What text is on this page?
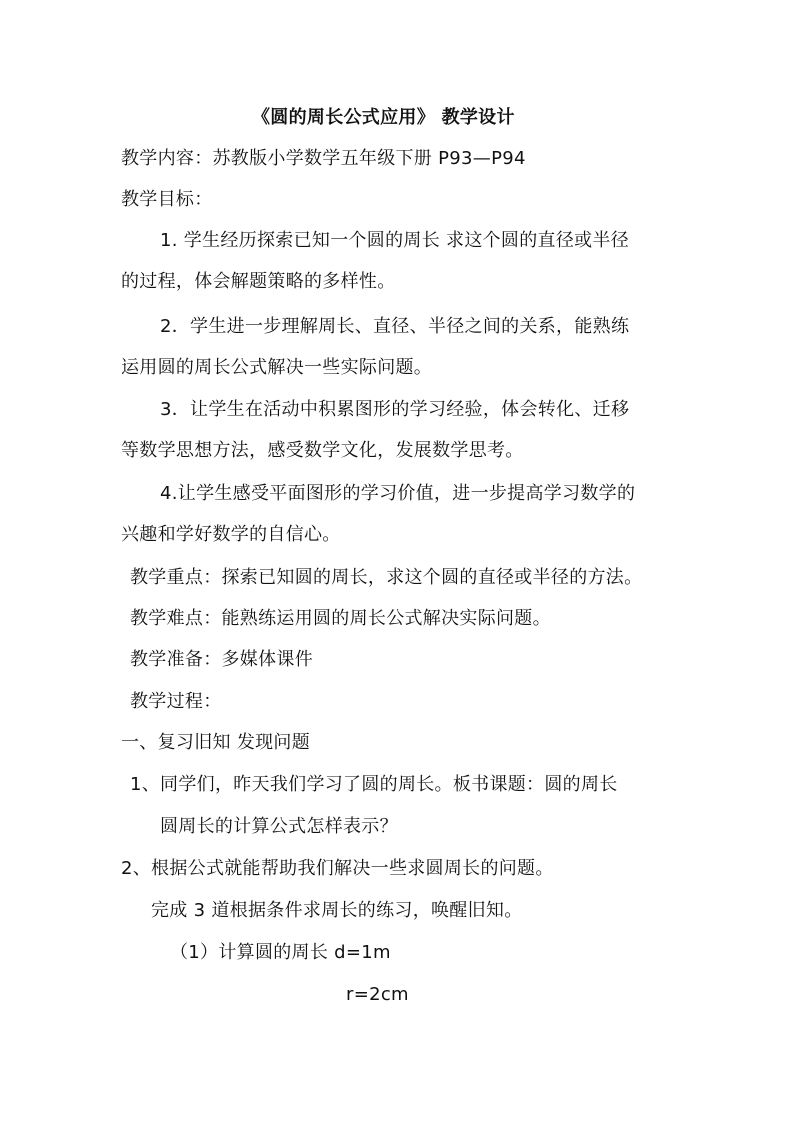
《圆的周长公式应用》 教学设计
教学内容：苏教版小学数学五年级下册 P93—P94
教学目标：
1. 学生经历探索已知一个圆的周长 求这个圆的直径或半径
的过程，体会解题策略的多样性。
2．学生进一步理解周长、直径、半径之间的关系，能熟练
运用圆的周长公式解决一些实际问题。
3．让学生在活动中积累图形的学习经验，体会转化、迁移
等数学思想方法，感受数学文化，发展数学思考。
4.让学生感受平面图形的学习价值，进一步提高学习数学的
兴趣和学好数学的自信心。
教学重点：探索已知圆的周长，求这个圆的直径或半径的方法。
教学难点：能熟练运用圆的周长公式解决实际问题。
教学准备：多媒体课件
教学过程：
一、复习旧知 发现问题
1、同学们，昨天我们学习了圆的周长。板书课题：圆的周长
圆周长的计算公式怎样表示？
2、根据公式就能帮助我们解决一些求圆周长的问题。
完成 3 道根据条件求周长的练习，唤醒旧知。
（1）计算圆的周长 d=1m
r=2cm
